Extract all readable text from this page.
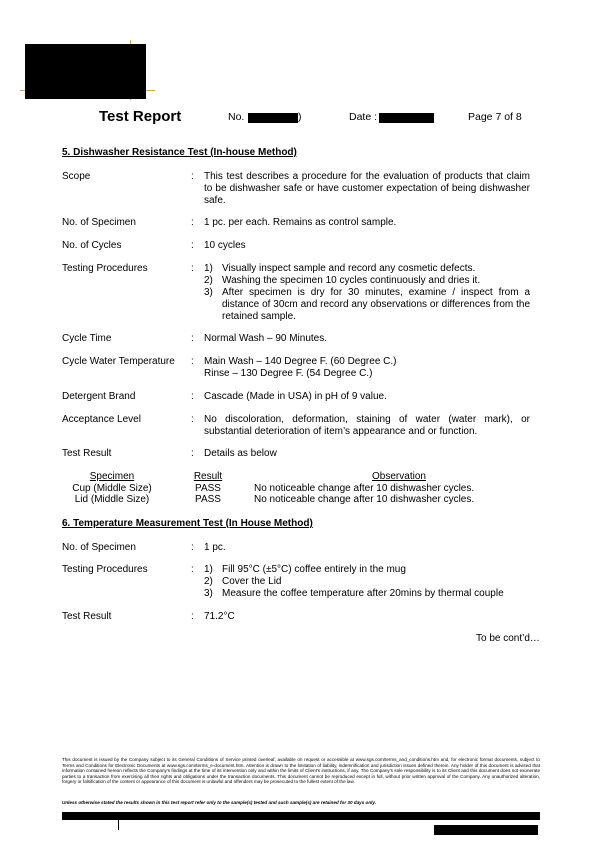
Test Report	No.	)	Date :	Page 7 of 8
5. Dishwasher Resistance Test (In-house Method)
Scope	: This test describes a procedure for the evaluation of products that claim to be dishwasher safe or have customer expectation of being dishwasher safe.
No. of Specimen	: 1 pc. per each. Remains as control sample.
No. of Cycles	: 10 cycles
Testing Procedures	: 1) Visually inspect sample and record any cosmetic defects.
2) Washing the specimen 10 cycles continuously and dries it.
3) After specimen is dry for 30 minutes, examine / inspect from a distance of 30cm and record any observations or differences from the retained sample.
Cycle Time	: Normal Wash – 90 Minutes.
Cycle Water Temperature : Main Wash – 140 Degree F. (60 Degree C.)
Rinse – 130 Degree F. (54 Degree C.)
Detergent Brand	: Cascade (Made in USA) in pH of 9 value.
Acceptance Level	: No discoloration, deformation, staining of water (water mark), or substantial deterioration of item’s appearance and or function.
Test Result	: Details as below
Specimen	Result	Observation
Cup (Middle Size)	PASS	No noticeable change after 10 dishwasher cycles.
Lid (Middle Size)	PASS	No noticeable change after 10 dishwasher cycles.
6. Temperature Measurement Test (In House Method)
No. of Specimen	: 1 pc.
Testing Procedures	: 1) Fill 95°C (±5°C) coffee entirely in the mug
2) Cover the Lid
3) Measure the coffee temperature after 20mins by thermal couple
Test Result	: 71.2°C
To be cont’d…
This document is issued by the Company subject to its General Conditions of Service printed overleaf, available on request or accessible at www.sgs.com/terms_and_conditions.htm and, for electronic format documents, subject to Terms and Conditions for Electronic Documents at www.sgs.com/terms_e-document.htm. Attention is drawn to the limitation of liability, indemnification and jurisdiction issues defined therein. Any holder of this document is advised that information contained hereon reflects the Company's findings at the time of its intervention only and within the limits of Client's instructions, if any. The Company's sole responsibility is to its Client and this document does not exonerate parties to a transaction from exercising all their rights and obligations under the transaction documents. This document cannot be reproduced except in full, without prior written approval of the Company. Any unauthorized alteration, forgery or falsification of the content or appearance of this document is unlawful and offenders may be prosecuted to the fullest extent of the law.
Unless otherwise stated the results shown in this test report refer only to the sample(s) tested and such sample(s) are retained for 30 days only.
